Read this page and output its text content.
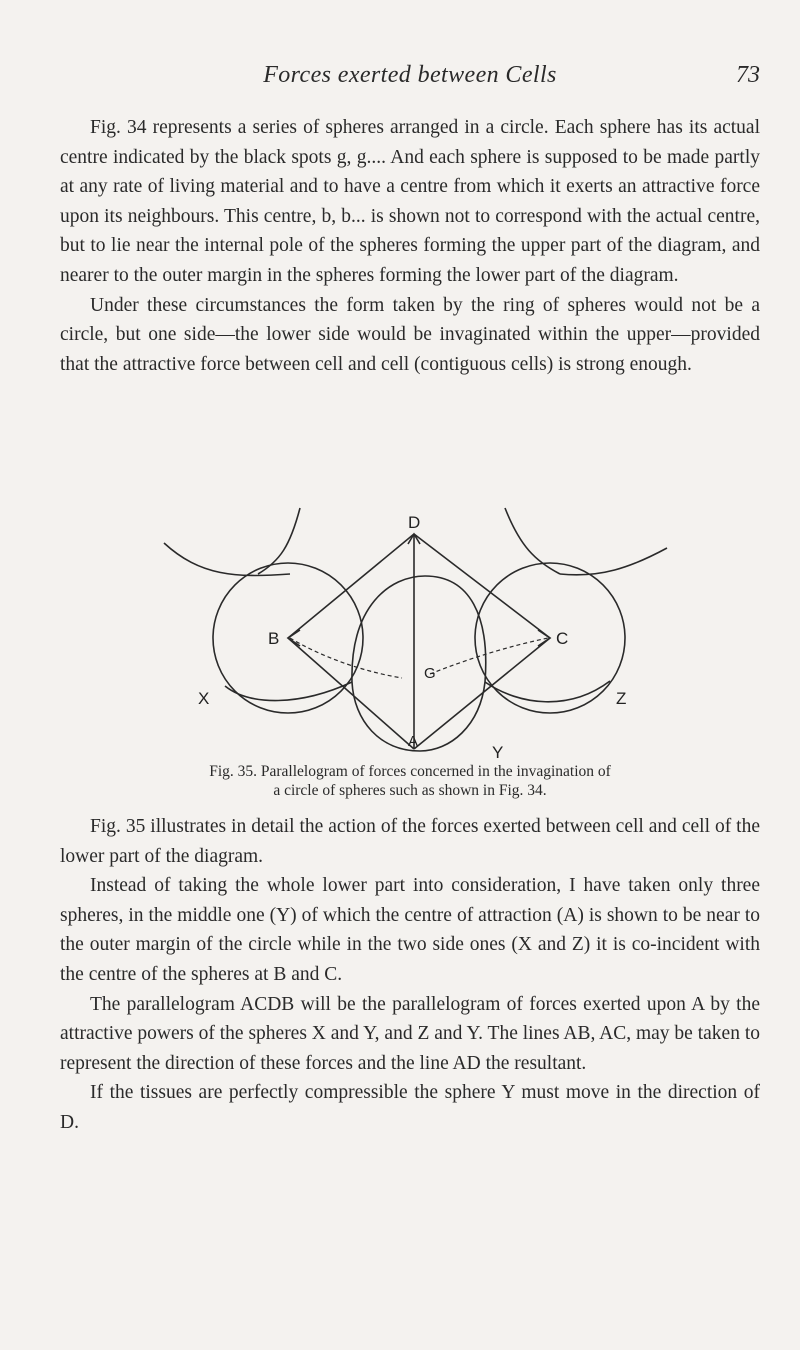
Forces exerted between Cells	73

Fig. 34 represents a series of spheres arranged in a circle. Each sphere has its actual centre indicated by the black spots g, g.... And each sphere is supposed to be made partly at any rate of living material and to have a centre from which it exerts an attractive force upon its neighbours. This centre, b, b... is shown not to correspond with the actual centre, but to lie near the internal pole of the spheres forming the upper part of the diagram, and nearer to the outer margin in the spheres forming the lower part of the diagram.

Under these circumstances the form taken by the ring of spheres would not be a circle, but one side—the lower side would be invaginated within the upper—provided that the attractive force between cell and cell (contiguous cells) is strong enough.

D
B	C
G
A
X
Y
Z
Fig. 35. Parallelogram of forces concerned in the invagination of
a circle of spheres such as shown in Fig. 34.

Fig. 35 illustrates in detail the action of the forces exerted between cell and cell of the lower part of the diagram.

Instead of taking the whole lower part into consideration, I have taken only three spheres, in the middle one (Y) of which the centre of attraction (A) is shown to be near to the outer margin of the circle while in the two side ones (X and Z) it is co-incident with the centre of the spheres at B and C.

The parallelogram ACDB will be the parallelogram of forces exerted upon A by the attractive powers of the spheres X and Y, and Z and Y. The lines AB, AC, may be taken to represent the direction of these forces and the line AD the resultant.

If the tissues are perfectly compressible the sphere Y must move in the direction of D.
